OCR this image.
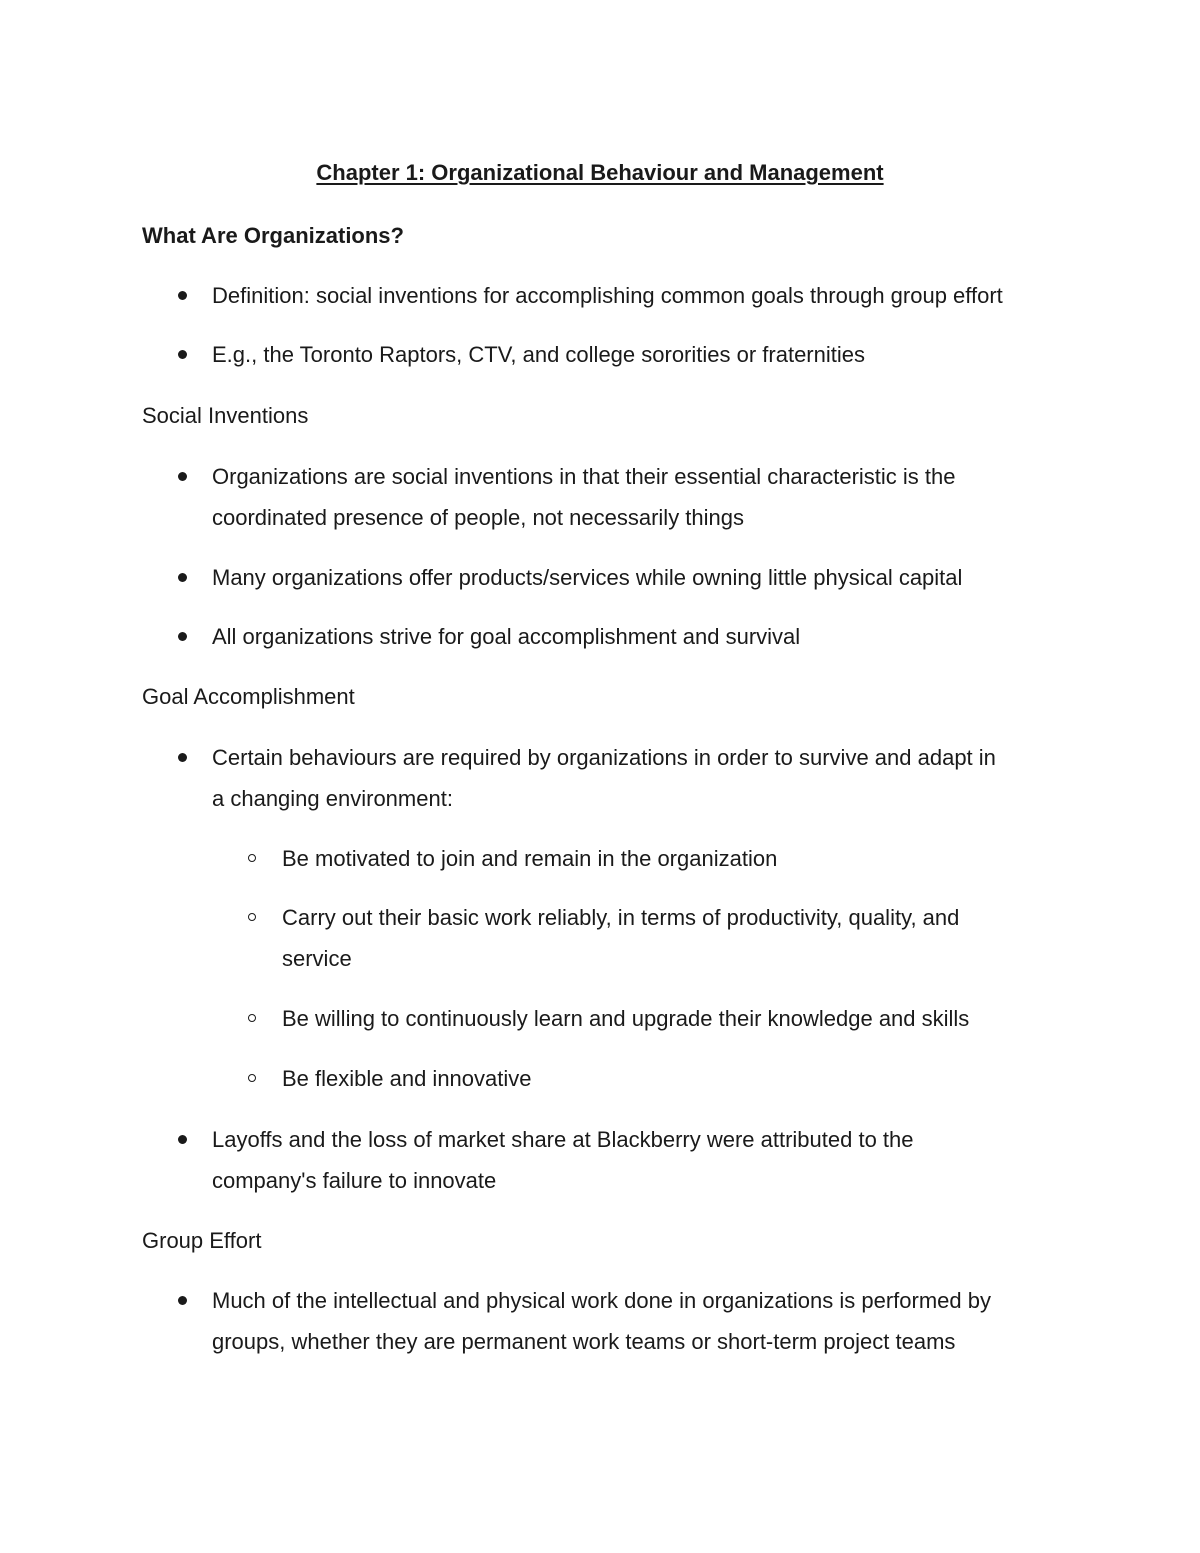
Chapter 1: Organizational Behaviour and Management
What Are Organizations?
Definition: social inventions for accomplishing common goals through group effort
E.g., the Toronto Raptors, CTV, and college sororities or fraternities
Social Inventions
Organizations are social inventions in that their essential characteristic is the
coordinated presence of people, not necessarily things
Many organizations offer products/services while owning little physical capital
All organizations strive for goal accomplishment and survival
Goal Accomplishment
Certain behaviours are required by organizations in order to survive and adapt in
a changing environment:
Be motivated to join and remain in the organization
Carry out their basic work reliably, in terms of productivity, quality, and
service
Be willing to continuously learn and upgrade their knowledge and skills
Be flexible and innovative
Layoffs and the loss of market share at Blackberry were attributed to the
company's failure to innovate
Group Effort
Much of the intellectual and physical work done in organizations is performed by
groups, whether they are permanent work teams or short-term project teams
